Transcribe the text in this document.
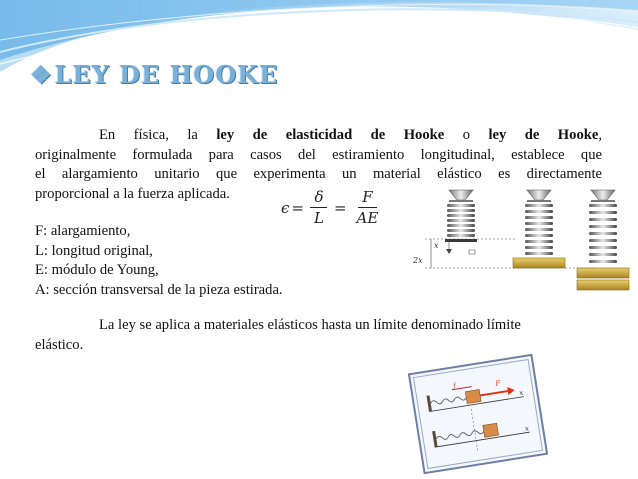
❖LEY DE HOOKE
En física, la ley de elasticidad de Hooke o ley de Hooke,
originalmente formulada para casos del estiramiento longitudinal, establece que
el alargamiento unitario que experimenta un material elástico es directamente
proporcional a la fuerza aplicada.
$\epsilon = \frac{\delta}{L} = \frac{F}{AE}$
F: alargamiento,
L: longitud original,
E: módulo de Young,
A: sección transversal de la pieza estirada.
La ley se aplica a materiales elásticos hasta un límite denominado límite
elástico.
x
2x
f	F
x
x
